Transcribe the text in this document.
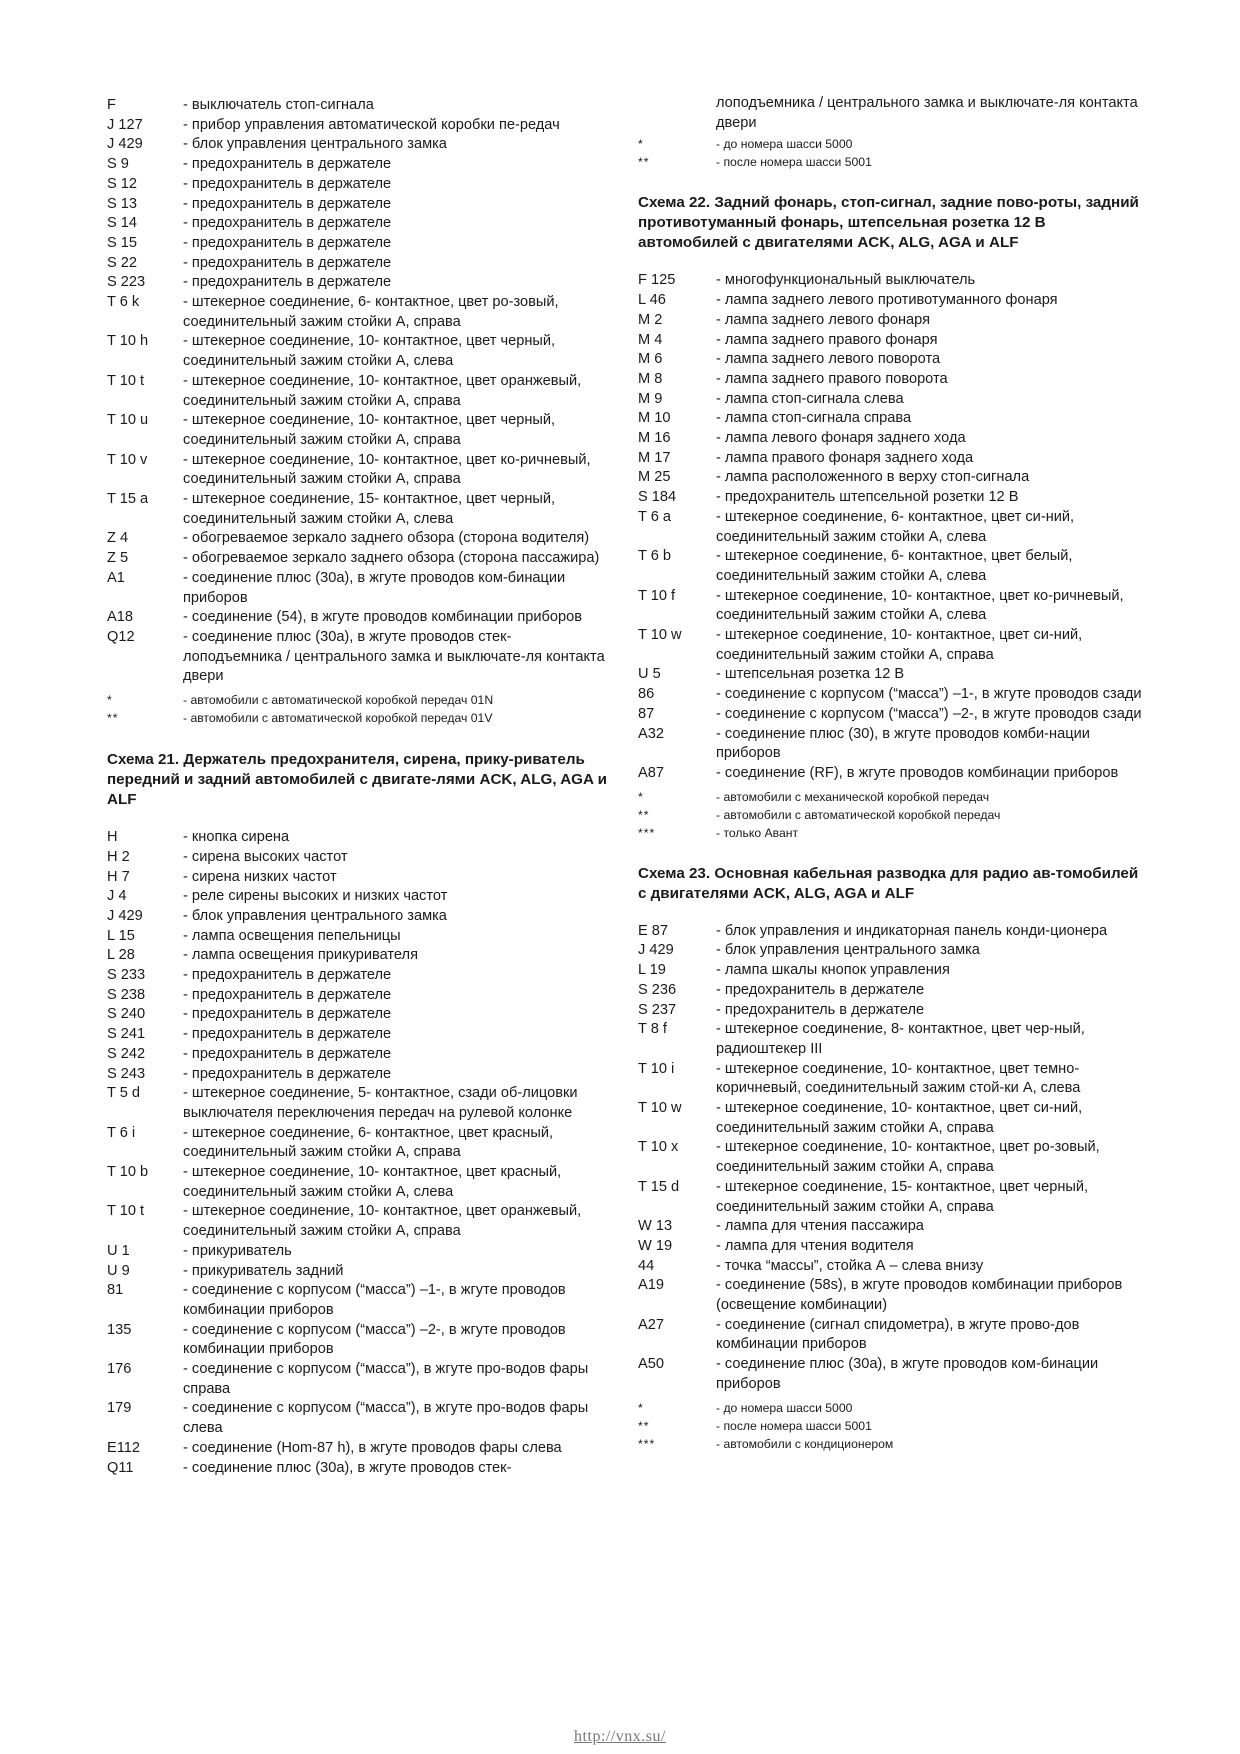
F	- выключатель стоп-сигнала
J 127	- прибор управления автоматической коробки пе-редач
J 429	- блок управления центрального замка
S 9	- предохранитель в держателе
S 12	- предохранитель в держателе
S 13	- предохранитель в держателе
S 14	- предохранитель в держателе
S 15	- предохранитель в держателе
S 22	- предохранитель в держателе
S 223	- предохранитель в держателе
T 6 k	- штекерное соединение, 6- контактное, цвет ро-зовый, соединительный зажим стойки А, справа
T 10 h	- штекерное соединение, 10- контактное, цвет черный, соединительный зажим стойки А, слева
T 10 t	- штекерное соединение, 10- контактное, цвет оранжевый, соединительный зажим стойки А, справа
T 10 u	- штекерное соединение, 10- контактное, цвет черный, соединительный зажим стойки А, справа
T 10 v	- штекерное соединение, 10- контактное, цвет ко-ричневый, соединительный зажим стойки А, справа
T 15 a	- штекерное соединение, 15- контактное, цвет черный, соединительный зажим стойки А, слева
Z 4	- обогреваемое зеркало заднего обзора (сторона водителя)
Z 5	- обогреваемое зеркало заднего обзора (сторона пассажира)
A1	- соединение плюс (30а), в жгуте проводов ком-бинации приборов
A18	- соединение (54), в жгуте проводов комбинации приборов
Q12	- соединение плюс (30а), в жгуте проводов стек-лоподъемника / центрального замка и выключате-ля контакта двери
*	- автомобили с автоматической коробкой передач 01N
**	- автомобили с автоматической коробкой передач 01V
Схема 21. Держатель предохранителя, сирена, прику-риватель передний и задний автомобилей с двигате-лями ACK, ALG, AGA и ALF
H	- кнопка сирена
H 2	- сирена высоких частот
H 7	- сирена низких частот
J 4	- реле сирены высоких и низких частот
J 429	- блок управления центрального замка
L 15	- лампа освещения пепельницы
L 28	- лампа освещения прикуривателя
S 233	- предохранитель в держателе
S 238	- предохранитель в держателе
S 240	- предохранитель в держателе
S 241	- предохранитель в держателе
S 242	- предохранитель в держателе
S 243	- предохранитель в держателе
T 5 d	- штекерное соединение, 5- контактное, сзади об-лицовки выключателя переключения передач на рулевой колонке
T 6 i	- штекерное соединение, 6- контактное, цвет красный, соединительный зажим стойки А, справа
T 10 b	- штекерное соединение, 10- контактное, цвет красный, соединительный зажим стойки А, слева
T 10 t	- штекерное соединение, 10- контактное, цвет оранжевый, соединительный зажим стойки А, справа
U 1	- прикуриватель
U 9	- прикуриватель задний
81	- соединение с корпусом (“масса”) –1-, в жгуте проводов комбинации приборов
135	- соединение с корпусом (“масса”) –2-, в жгуте проводов комбинации приборов
176	- соединение с корпусом (“масса”), в жгуте про-водов фары справа
179	- соединение с корпусом (“масса”), в жгуте про-водов фары слева
E112	- соединение (Hom-87 h), в жгуте проводов фары слева
Q11	- соединение плюс (30а), в жгуте проводов стек-
лоподъемника / центрального замка и выключате-ля контакта двери
*	- до номера шасси 5000
**	- после номера шасси 5001
Схема 22. Задний фонарь, стоп-сигнал, задние пово-роты, задний противотуманный фонарь, штепсельная розетка 12 В автомобилей с двигателями ACK, ALG, AGA и ALF
F 125	- многофункциональный выключатель
L 46	- лампа заднего левого противотуманного фонаря
M 2	- лампа заднего левого фонаря
M 4	- лампа заднего правого фонаря
M 6	- лампа заднего левого поворота
M 8	- лампа заднего правого поворота
M 9	- лампа стоп-сигнала слева
M 10	- лампа стоп-сигнала справа
M 16	- лампа левого фонаря заднего хода
M 17	- лампа правого фонаря заднего хода
M 25	- лампа расположенного в верху стоп-сигнала
S 184	- предохранитель штепсельной розетки 12 В
T 6 a	- штекерное соединение, 6- контактное, цвет си-ний, соединительный зажим стойки А, слева
T 6 b	- штекерное соединение, 6- контактное, цвет белый, соединительный зажим стойки А, слева
T 10 f	- штекерное соединение, 10- контактное, цвет ко-ричневый, соединительный зажим стойки А, слева
T 10 w	- штекерное соединение, 10- контактное, цвет си-ний, соединительный зажим стойки А, справа
U 5	- штепсельная розетка 12 В
86	- соединение с корпусом (“масса”) –1-, в жгуте проводов сзади
87	- соединение с корпусом (“масса”) –2-, в жгуте проводов сзади
A32	- соединение плюс (30), в жгуте проводов комби-нации приборов
A87	- соединение (RF), в жгуте проводов комбинации приборов
*	- автомобили с механической коробкой передач
**	- автомобили с автоматической коробкой передач
***	- только Авант
Схема 23. Основная кабельная разводка для радио ав-томобилей с двигателями ACK, ALG, AGA и ALF
E 87	- блок управления и индикаторная панель конди-ционера
J 429	- блок управления центрального замка
L 19	- лампа шкалы кнопок управления
S 236	- предохранитель в держателе
S 237	- предохранитель в держателе
T 8 f	- штекерное соединение, 8- контактное, цвет чер-ный, радиоштекер III
T 10 i	- штекерное соединение, 10- контактное, цвет темно-коричневый, соединительный зажим стой-ки А, слева
T 10 w	- штекерное соединение, 10- контактное, цвет си-ний, соединительный зажим стойки А, справа
T 10 x	- штекерное соединение, 10- контактное, цвет ро-зовый, соединительный зажим стойки А, справа
T 15 d	- штекерное соединение, 15- контактное, цвет черный, соединительный зажим стойки А, справа
W 13	- лампа для чтения пассажира
W 19	- лампа для чтения водителя
44	- точка “массы”, стойка А – слева внизу
A19	- соединение (58s), в жгуте проводов комбинации приборов (освещение комбинации)
A27	- соединение (сигнал спидометра), в жгуте прово-дов комбинации приборов
A50	- соединение плюс (30а), в жгуте проводов ком-бинации приборов
*	- до номера шасси 5000
**	- после номера шасси 5001
***	- автомобили с кондиционером
http://vnx.su/
